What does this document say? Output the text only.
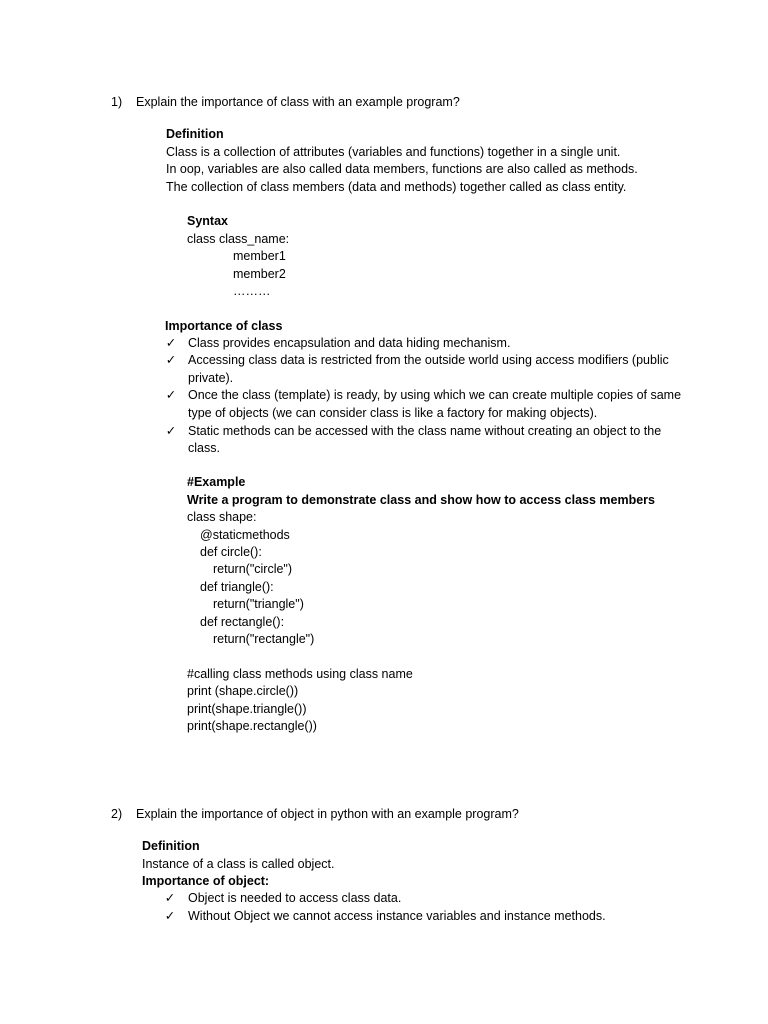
1) Explain the importance of class with an example program?
Definition
Class is a collection of attributes (variables and functions) together in a single unit.
In oop, variables are also called data members, functions are also called as methods.
The collection of class members (data and methods) together called as class entity.
Syntax
class class_name:
member1
member2
………
Importance of class
✓ Class provides encapsulation and data hiding mechanism.
✓ Accessing class data is restricted from the outside world using access modifiers (public
private).
✓ Once the class (template) is ready, by using which we can create multiple copies of same
type of objects (we can consider class is like a factory for making objects).
✓ Static methods can be accessed with the class name without creating an object to the
class.
#Example
Write a program to demonstrate class and show how to access class members
class shape:
@staticmethods
def circle():
return("circle")
def triangle():
return("triangle")
def rectangle():
return("rectangle")
#calling class methods using class name
print (shape.circle())
print(shape.triangle())
print(shape.rectangle())
2) Explain the importance of object in python with an example program?
Definition
Instance of a class is called object.
Importance of object:
✓ Object is needed to access class data.
✓ Without Object we cannot access instance variables and instance methods.
